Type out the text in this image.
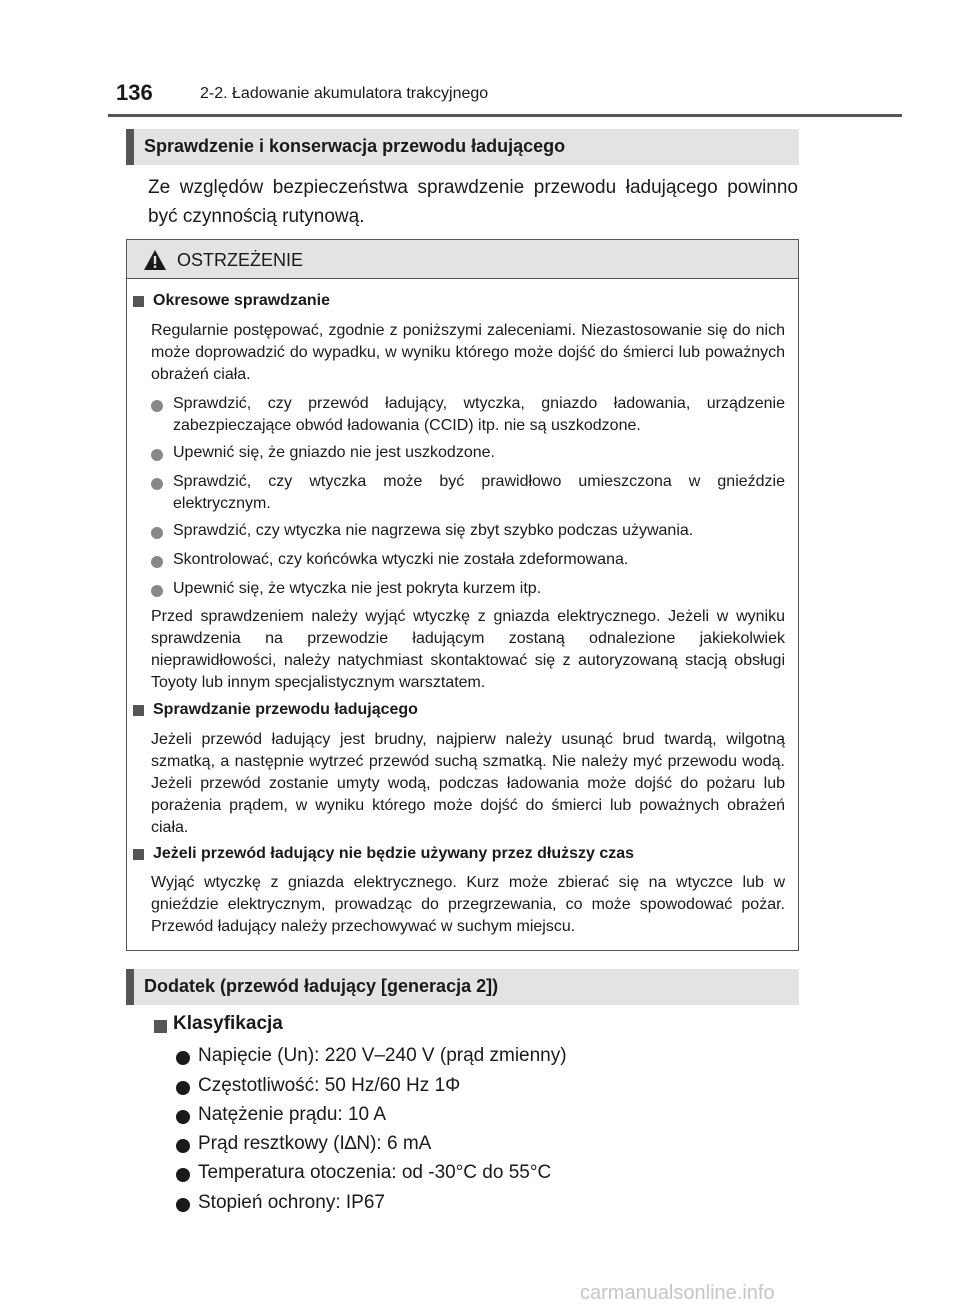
136	2-2. Ładowanie akumulatora trakcyjnego
Sprawdzenie i konserwacja przewodu ładującego
Ze względów bezpieczeństwa sprawdzenie przewodu ładującego powinno być czynnością rutynową.
OSTRZEŻENIE
Okresowe sprawdzanie
Regularnie postępować, zgodnie z poniższymi zaleceniami. Niezastosowanie się do nich może doprowadzić do wypadku, w wyniku którego może dojść do śmierci lub poważnych obrażeń ciała.
Sprawdzić, czy przewód ładujący, wtyczka, gniazdo ładowania, urządzenie zabezpieczające obwód ładowania (CCID) itp. nie są uszkodzone.
Upewnić się, że gniazdo nie jest uszkodzone.
Sprawdzić, czy wtyczka może być prawidłowo umieszczona w gnieździe elektrycznym.
Sprawdzić, czy wtyczka nie nagrzewa się zbyt szybko podczas używania.
Skontrolować, czy końcówka wtyczki nie została zdeformowana.
Upewnić się, że wtyczka nie jest pokryta kurzem itp.
Przed sprawdzeniem należy wyjąć wtyczkę z gniazda elektrycznego. Jeżeli w wyniku sprawdzenia na przewodzie ładującym zostaną odnalezione jakiekolwiek nieprawidłowości, należy natychmiast skontaktować się z autoryzowaną stacją obsługi Toyoty lub innym specjalistycznym warsztatem.
Sprawdzanie przewodu ładującego
Jeżeli przewód ładujący jest brudny, najpierw należy usunąć brud twardą, wilgotną szmatką, a następnie wytrzeć przewód suchą szmatką. Nie należy myć przewodu wodą. Jeżeli przewód zostanie umyty wodą, podczas ładowania może dojść do pożaru lub porażenia prądem, w wyniku którego może dojść do śmierci lub poważnych obrażeń ciała.
Jeżeli przewód ładujący nie będzie używany przez dłuższy czas
Wyjąć wtyczkę z gniazda elektrycznego. Kurz może zbierać się na wtyczce lub w gnieździe elektrycznym, prowadząc do przegrzewania, co może spowodować pożar. Przewód ładujący należy przechowywać w suchym miejscu.
Dodatek (przewód ładujący [generacja 2])
Klasyfikacja
Napięcie (Un): 220 V–240 V (prąd zmienny)
Częstotliwość: 50 Hz/60 Hz 1Φ
Natężenie prądu: 10 A
Prąd resztkowy (I∆N): 6 mA
Temperatura otoczenia: od -30°C do 55°C
Stopień ochrony: IP67
carmanualsonline.info
